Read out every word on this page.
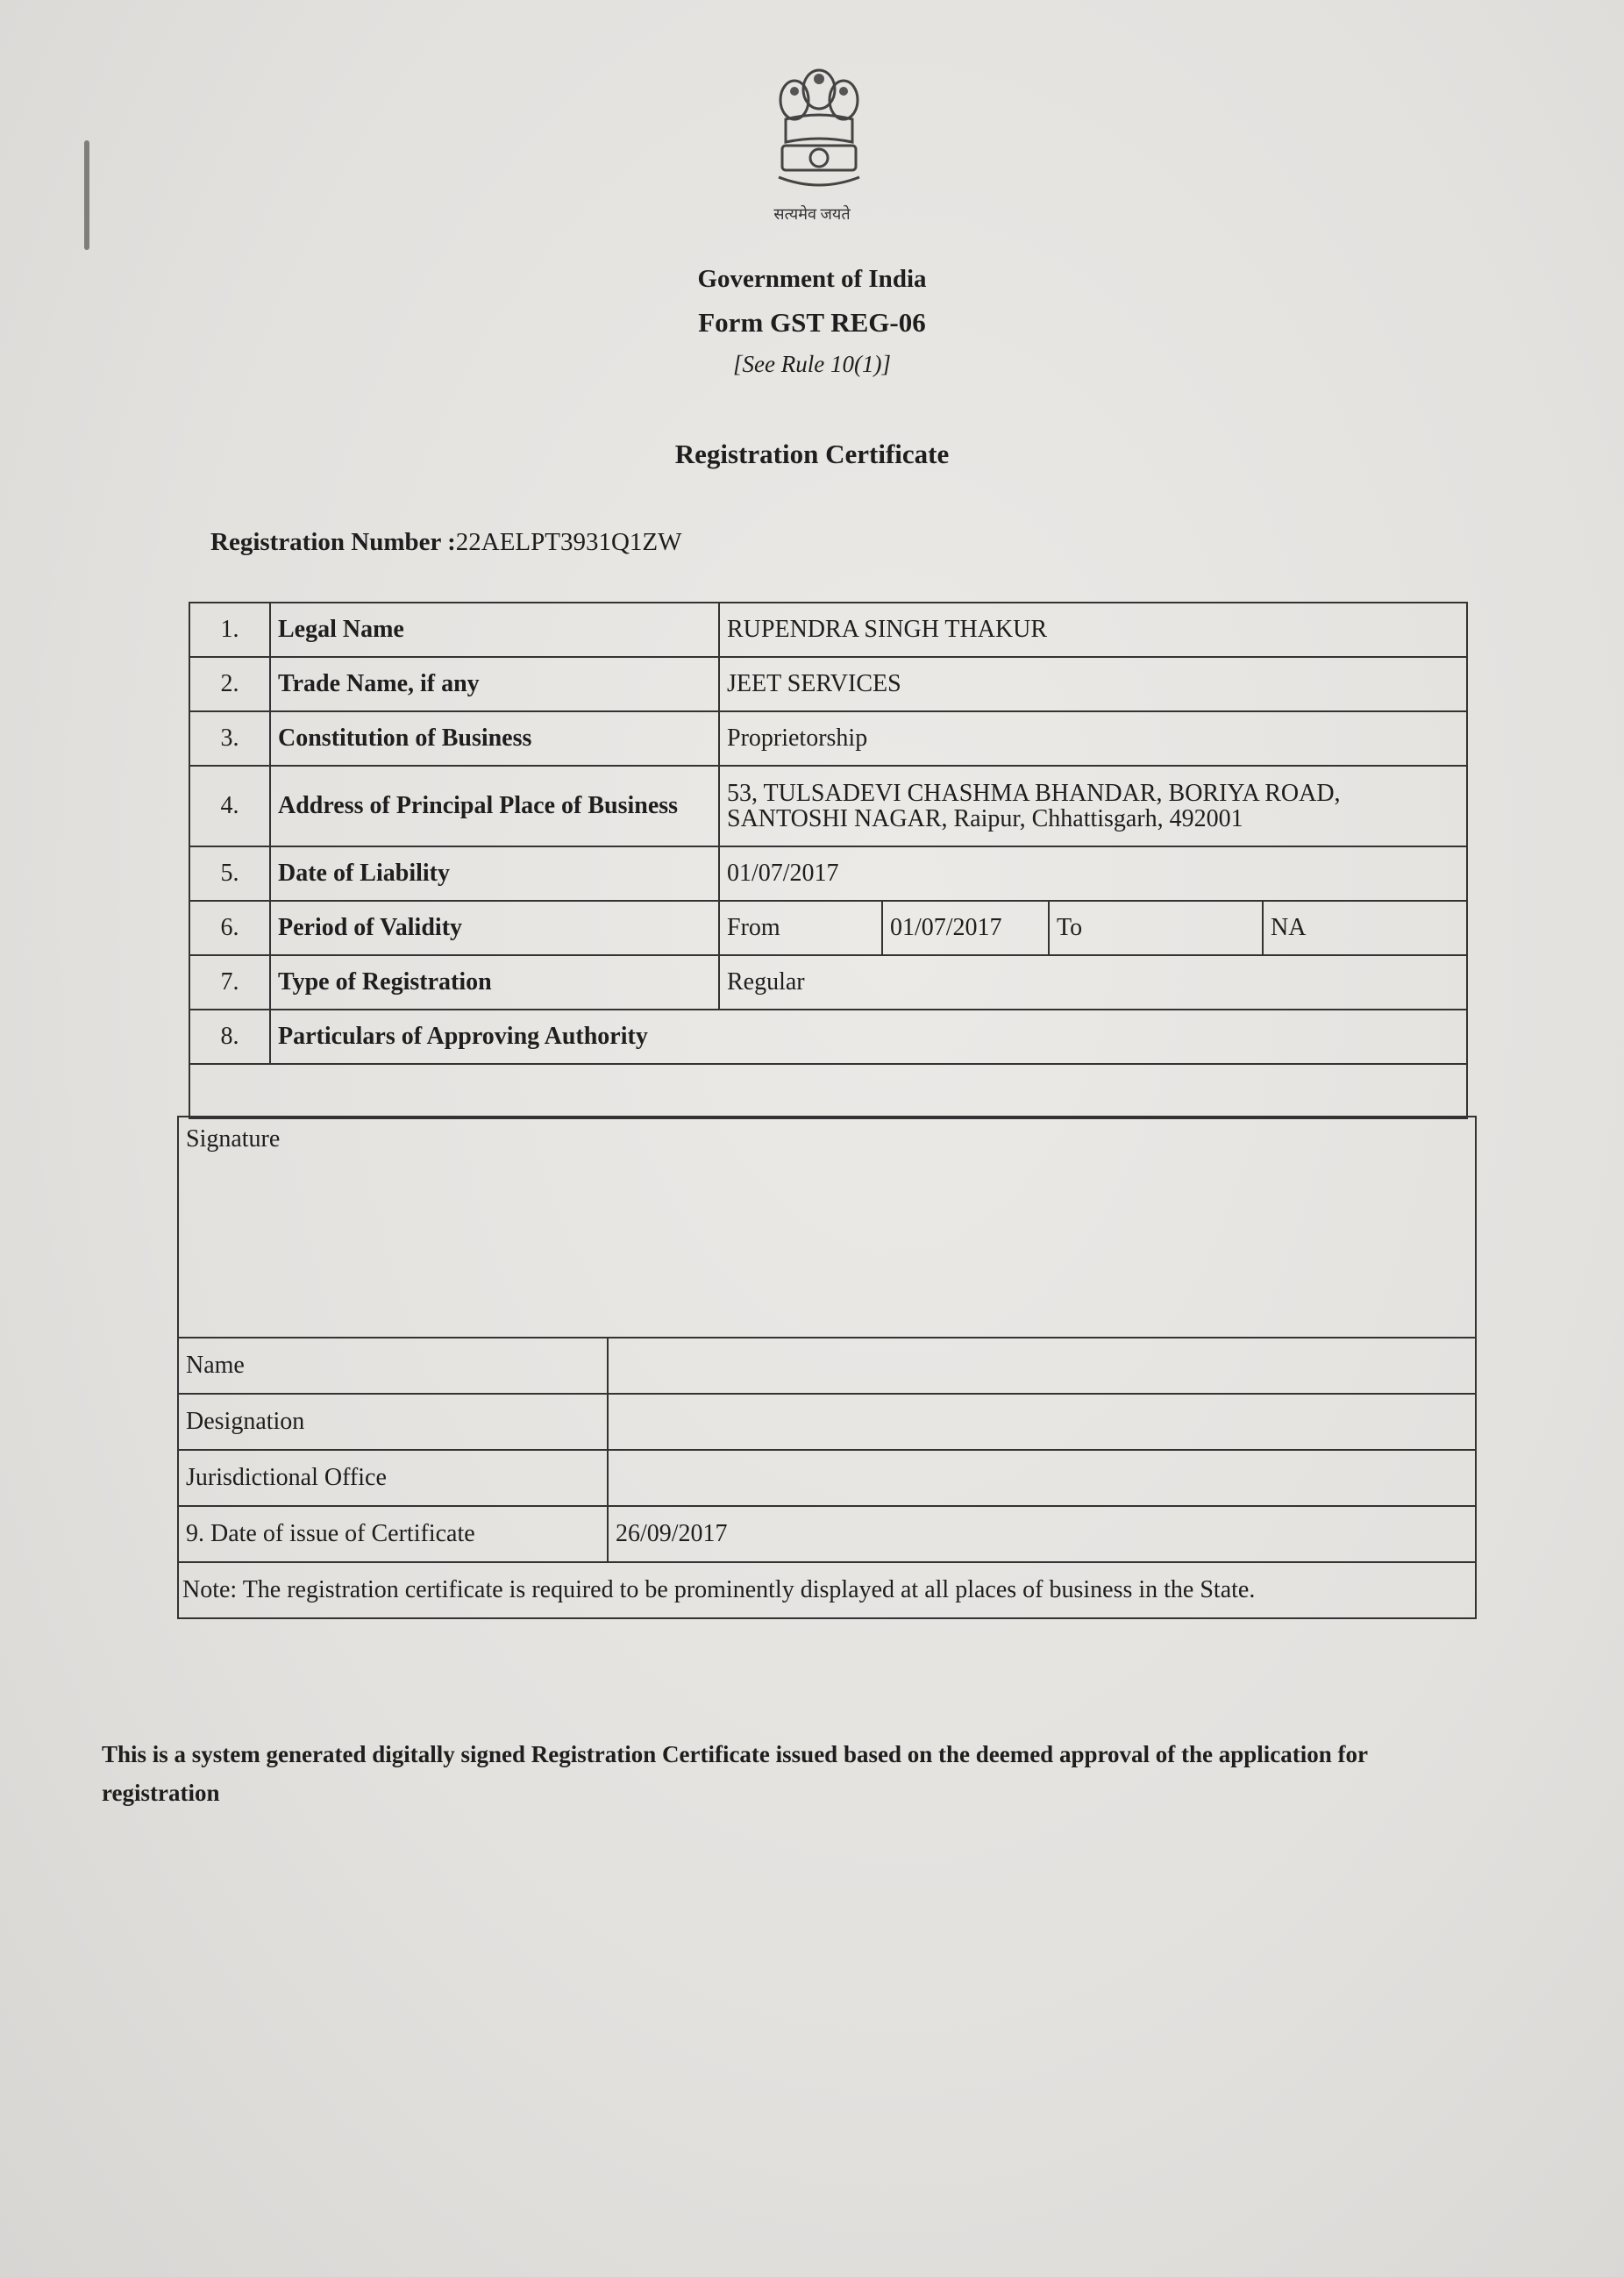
सत्यमेव जयते
Government of India
Form GST REG-06
[See Rule 10(1)]
Registration Certificate
Registration Number :22AELPT3931Q1ZW
1.	Legal Name	RUPENDRA SINGH THAKUR			
2.	Trade Name, if any	JEET SERVICES			
3.	Constitution of Business	Proprietorship			
4.	Address of Principal Place of Business	53, TULSADEVI CHASHMA BHANDAR, BORIYA ROAD, SANTOSHI NAGAR, Raipur, Chhattisgarh, 492001			
5.	Date of Liability	01/07/2017			
6.	Period of Validity	From	01/07/2017	To	NA
7.	Type of Registration	Regular			
8.	Particulars of Approving Authority				

Signature	
Name	
Designation	
Jurisdictional Office	
9. Date of issue of Certificate	26/09/2017
Note: The registration certificate is required to be prominently displayed at all places of business in the State.	
This is a system generated digitally signed Registration Certificate issued based on the deemed approval of the application for registration
